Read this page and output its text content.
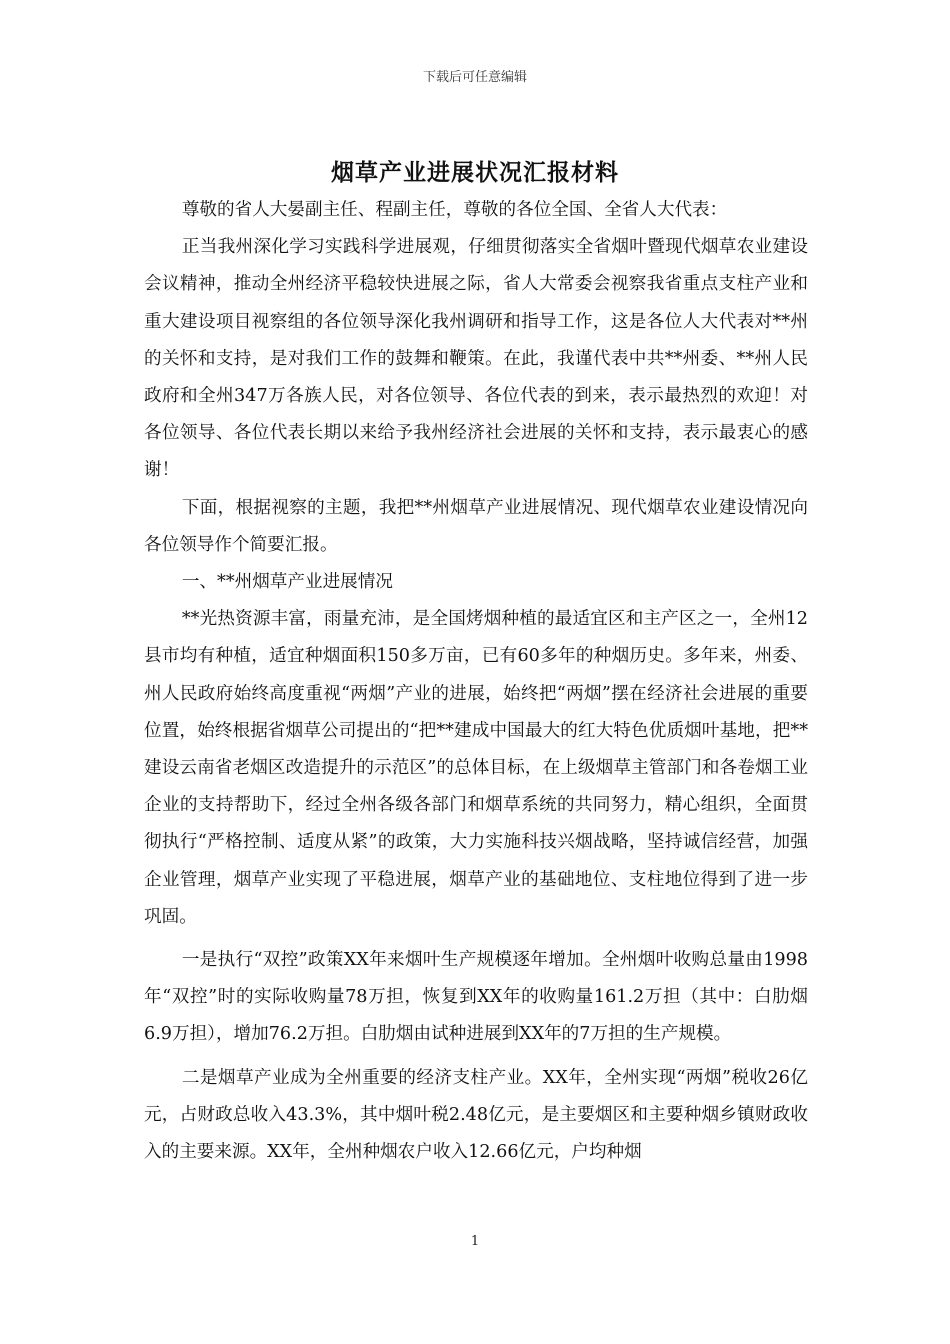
下载后可任意编辑
烟草产业进展状况汇报材料

尊敬的省人大晏副主任、程副主任，尊敬的各位全国、全省人大代表：

正当我州深化学习实践科学进展观，仔细贯彻落实全省烟叶暨现代烟草农业建设会议精神，推动全州经济平稳较快进展之际，省人大常委会视察我省重点支柱产业和重大建设项目视察组的各位领导深化我州调研和指导工作，这是各位人大代表对**州的关怀和支持，是对我们工作的鼓舞和鞭策。在此，我谨代表中共**州委、**州人民政府和全州347万各族人民，对各位领导、各位代表的到来，表示最热烈的欢迎！对各位领导、各位代表长期以来给予我州经济社会进展的关怀和支持，表示最衷心的感谢！

下面，根据视察的主题，我把**州烟草产业进展情况、现代烟草农业建设情况向各位领导作个简要汇报。

一、**州烟草产业进展情况

**光热资源丰富，雨量充沛，是全国烤烟种植的最适宜区和主产区之一，全州12县市均有种植，适宜种烟面积150多万亩，已有60多年的种烟历史。多年来，州委、州人民政府始终高度重视“两烟”产业的进展，始终把“两烟”摆在经济社会进展的重要位置，始终根据省烟草公司提出的“把**建成中国最大的红大特色优质烟叶基地，把**建设云南省老烟区改造提升的示范区”的总体目标，在上级烟草主管部门和各卷烟工业企业的支持帮助下，经过全州各级各部门和烟草系统的共同努力，精心组织，全面贯彻执行“严格控制、适度从紧”的政策，大力实施科技兴烟战略，坚持诚信经营，加强企业管理，烟草产业实现了平稳进展，烟草产业的基础地位、支柱地位得到了进一步巩固。

一是执行“双控”政策XX年来烟叶生产规模逐年增加。全州烟叶收购总量由1998年“双控”时的实际收购量78万担，恢复到XX年的收购量161.2万担（其中：白肋烟6.9万担），增加76.2万担。白肋烟由试种进展到XX年的7万担的生产规模。

二是烟草产业成为全州重要的经济支柱产业。XX年，全州实现“两烟”税收26亿元，占财政总收入43.3%，其中烟叶税2.48亿元，是主要烟区和主要种烟乡镇财政收入的主要来源。XX年，全州种烟农户收入12.66亿元，户均种烟

1
